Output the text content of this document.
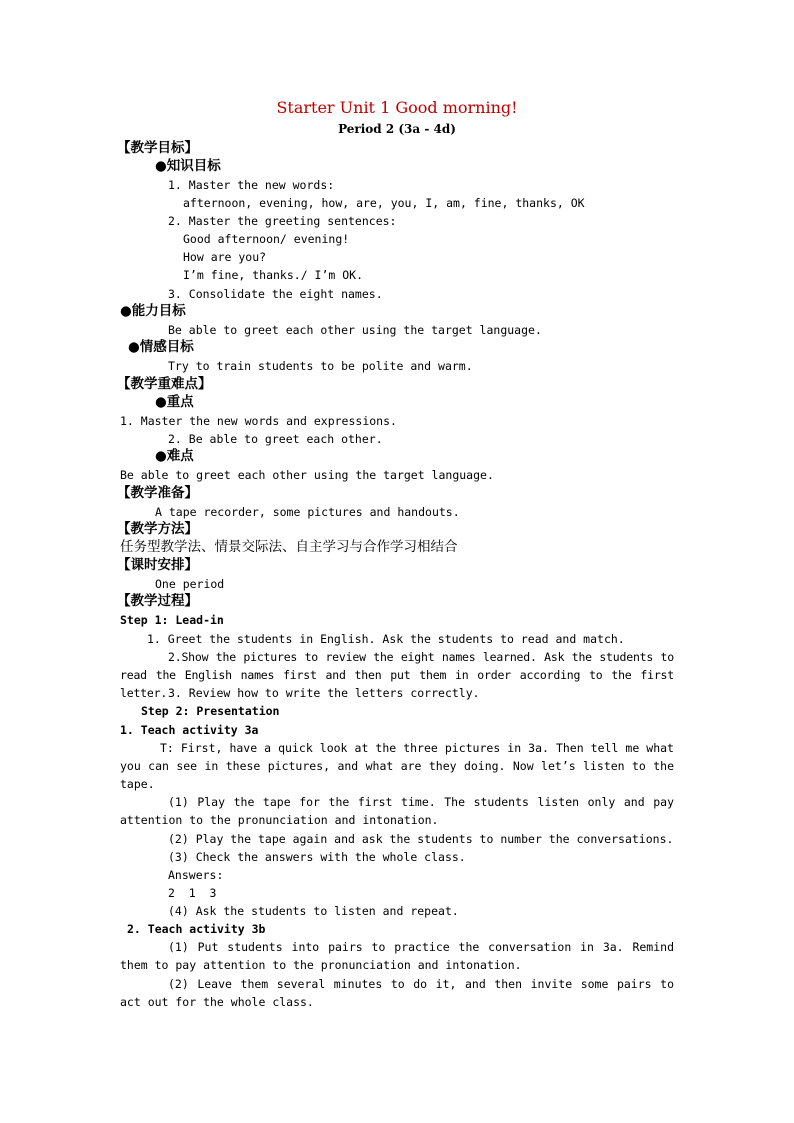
Starter Unit 1 Good morning!
Period 2 (3a - 4d)
【教学目标】
●知识目标
1. Master the new words:
afternoon, evening, how, are, you, I, am, fine, thanks, OK
2. Master the greeting sentences:
Good afternoon/ evening!
How are you?
I’m fine, thanks./ I’m OK.
3. Consolidate the eight names.
●能力目标
Be able to greet each other using the target language.
●情感目标
Try to train students to be polite and warm.
【教学重难点】
●重点
1. Master the new words and expressions.
2. Be able to greet each other.
●难点
Be able to greet each other using the target language.
【教学准备】
A tape recorder, some pictures and handouts.
【教学方法】
任务型教学法、情景交际法、自主学习与合作学习相结合
【课时安排】
One period
【教学过程】
Step 1: Lead-in
1. Greet the students in English. Ask the students to read and match.

2.Show the pictures to review the eight names learned. Ask the students to read the English names first and then put them in order according to the first letter. 3. Review how to write the letters correctly.
Step 2: Presentation
1. Teach activity 3a

T: First, have a quick look at the three pictures in 3a. Then tell me what you can see in these pictures, and what are they doing. Now let’s listen to the tape.

(1) Play the tape for the first time. The students listen only and pay attention to the pronunciation and intonation.

(2) Play the tape again and ask the students to number the conversations.
(3) Check the answers with the whole class.
Answers:
2  1  3
(4) Ask the students to listen and repeat.
2. Teach activity 3b

(1) Put students into pairs to practice the conversation in 3a. Remind them to pay attention to the pronunciation and intonation.

(2) Leave them several minutes to do it, and then invite some pairs to act out for the whole class.
